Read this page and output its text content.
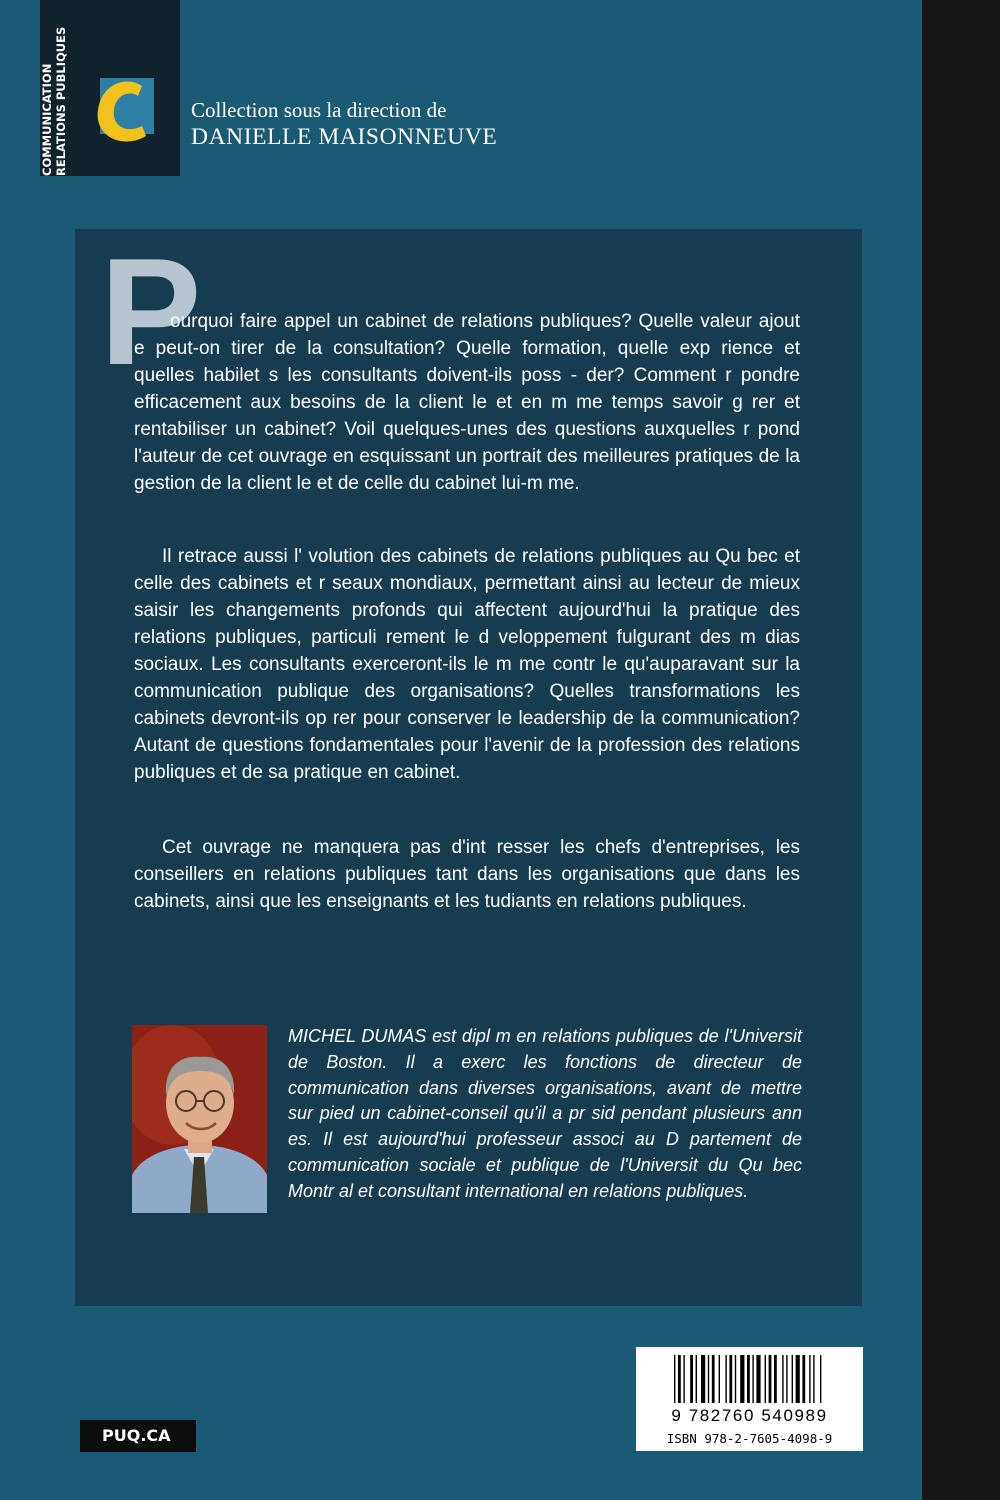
Collection sous la direction de
DANIELLE MAISONNEUVE
P

ourquoi faire appel un cabinet de relations publiques? Quelle valeur ajout e peut-on tirer de la consultation? Quelle formation, quelle exp rience et quelles habilet s les consultants doivent-ils poss - der? Comment r pondre efficacement aux besoins de la client le et en m me temps savoir g rer et rentabiliser un cabinet? Voil quelques-unes des questions auxquelles r pond l'auteur de cet ouvrage en esquissant un portrait des meilleures pratiques de la gestion de la client le et de celle du cabinet lui-m me.

Il retrace aussi l' volution des cabinets de relations publiques au Qu bec et celle des cabinets et r seaux mondiaux, permettant ainsi au lecteur de mieux saisir les changements profonds qui affectent aujourd'hui la pratique des relations publiques, particuli rement le d veloppement fulgurant des m dias sociaux. Les consultants exerceront-ils le m me contr le qu'auparavant sur la communication publique des organisations? Quelles transformations les cabinets devront-ils op rer pour conserver le leadership de la communication? Autant de questions fondamentales pour l'avenir de la profession des relations publiques et de sa pratique en cabinet.

Cet ouvrage ne manquera pas d'int resser les chefs d'entreprises, les conseillers en relations publiques tant dans les organisations que dans les cabinets, ainsi que les enseignants et les tudiants en relations publiques.

MICHEL DUMAS est dipl m en relations publiques de l'Universit de Boston. Il a exerc les fonctions de directeur de communication dans diverses organisations, avant de mettre sur pied un cabinet-conseil qu'il a pr sid pendant plusieurs ann es. Il est aujourd'hui professeur associ au D partement de communication sociale et publique de l'Universit du Qu bec Montr al et consultant international en relations publiques.

PUQ.CA
9 782760 540989
ISBN 978-2-7605-4098-9
